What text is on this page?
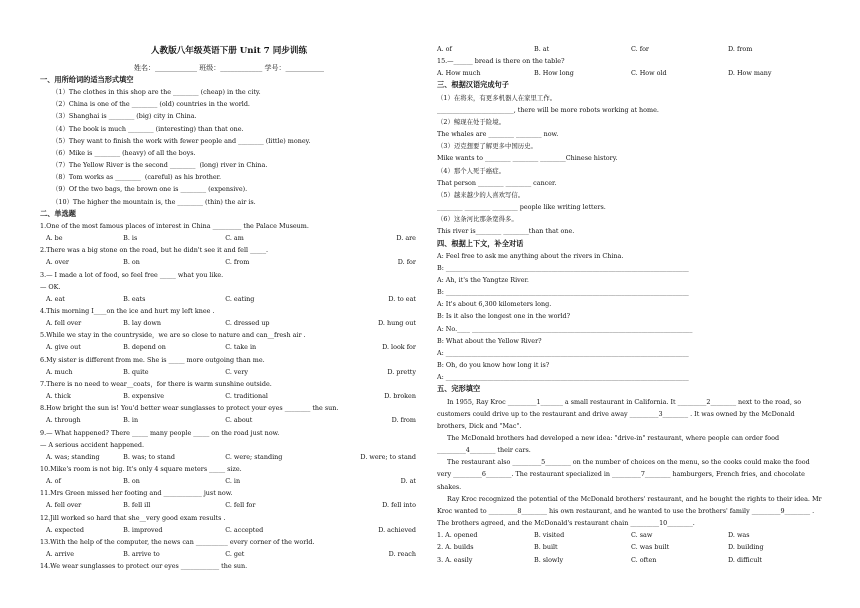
人教版八年级英语下册 Unit 7 同步训练
姓名：____________ 班级：____________ 学号：___________
一、用所给词的适当形式填空
（1）The clothes in this shop are the ________ (cheap) in the city.
（2）China is one of the ________ (old) countries in the world.
（3）Shanghai is ________ (big) city in China.
（4）The book is much ________ (interesting) than that one.
（5）They want to finish the work with fewer people and ________ (little) money.
（6）Mike is ________ (heavy) of all the boys.
（7）The Yellow River is the second ________  (long) river in China.
（8）Tom works as ________  (careful) as his brother.
（9）Of the two bags, the brown one is ________ (expensive).
（10）The higher the mountain is, the ________ (thin) the air is.
二、单选题
1.One of the most famous places of interest in China _________ the Palace Museum.
A. be	B. is	C. am	D. are
2.There was a big stone on the road, but he didn't see it and fell _____.
A. over	B. on	C. from	D. for
3.— I made a lot of food, so feel free _____ what you like.
— OK.
A. eat	B. eats	C. eating	D. to eat
4.This morning I____on the ice and hurt my left knee .
A. fell over	B. lay down	C. dressed up	D. hung out
5.While we stay in the countryside，we are so close to nature and can__fresh air .
A. give out	B. depend on	C. take in	D. look for
6.My sister is different from me. She is _____ more outgoing than me.
A. much	B. quite	C. very	D. pretty
7.There is no need to wear__coats，for there is warm sunshine outside.
A. thick	B. expensive	C. traditional	D. broken
8.How bright the sun is! You'd better wear sunglasses to protect your eyes ________ the sun.
A. through	B. in	C. about	D. from
9.— What happened? There _____ many people _____ on the road just now.
— A serious accident happened.
A. was; standing	B. was; to stand	C. were; standing	D. were; to stand
10.Mike's room is not big. It's only 4 square meters _____ size.
A. of	B. on	C. in	D. at
11.Mrs Green missed her footing and ____________ just now.
A. fell over	B. fell ill	C. fell for	D. fell into
12.Jill worked so hard that she__very good exam results .
A. expected	B. improved	C. accepted	D. achieved
13.With the help of the computer, the news can __________ every corner of the world.
A. arrive	B. arrive to	C. get	D. reach
14.We wear sunglasses to protect our eyes ____________ the sun.
A. of	B. at	C. for	D. from
15.—______ bread is there on the table?
A. How much	B. How long	C. How old	D. How many
三、根据汉语完成句子
（1）在将来，有更多机器人在家里工作。
________________________, there will be more robots working at home.
（2）鲸现在处于险境。
The whales are ________ ________ now.
（3）迈克想要了解更多中国历史。
Mike wants to ________ ________ ________Chinese history.
（4）那个人死于癌症。
That person ________ ________ cancer.
（5）越来越少的人喜欢写信。
________ ________ ________ people like writing letters.
（6）这条河比那条宽得多。
This river is________ ________than that one.
四、根据上下文，补全对话
A: Feel free to ask me anything about the rivers in China.
B: ____________________________________________________________________________
A: Ah, it's the Yangtze River.
B: ____________________________________________________________________________
A: It's about 6,300 kilometers long.
B: Is it also the longest one in the world?
A: No.____ _____________________________________________________________________
B: What about the Yellow River?
A: ____________________________________________________________________________
B: Oh, do you know how long it is?
A: ____________________________________________________________________________
五、完形填空
In 1955, Ray Kroc _________1_______ a small restaurant in California. It _________2________ next to the road, so customers could drive up to the restaurant and drive away _________3________ . It was owned by the McDonald brothers, Dick and "Mac".
The McDonald brothers had developed a new idea: "drive-in" restaurant, where people can order food _________4________ their cars.
The restaurant also _________5________ on the number of choices on the menu, so the cooks could make the food very _________6________. The restaurant specialized in _________7________ hamburgers, French fries, and chocolate shakes.
Ray Kroc recognized the potential of the McDonald brothers' restaurant, and he bought the rights to their idea. Mr Kroc wanted to _________8________ his own restaurant, and he wanted to use the brothers' family _________9________ . The brothers agreed, and the McDonald's restaurant chain _________10________.
1. A. opened	B. visited	C. saw	D. was
2. A. builds	B. built	C. was built	D. building
3. A. easily	B. slowly	C. often	D. difficult
